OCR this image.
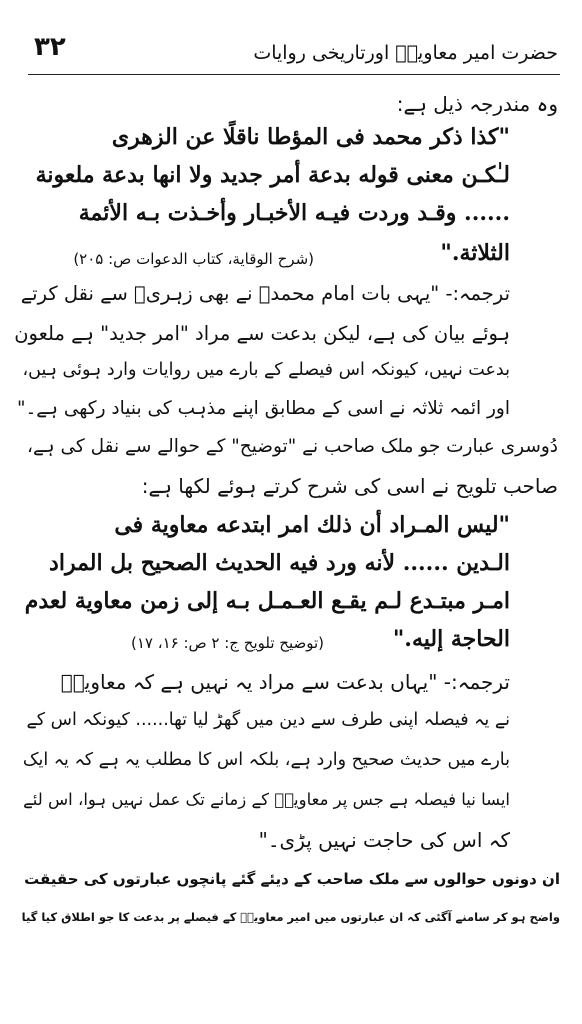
۳۲	حضرت امیر معاویہؓ اورتاریخی روایات
وہ مندرجہ ذیل ہے:
"كذا ذكر محمد فى المؤطا ناقلًا عن الزهرى
لـٰكـن معنى قوله بدعة أمر جديد ولا انها بدعة ملعونة
...... وقـد وردت فيـه الأخبـار وأخـذت بـه الأئمة
الثلاثة."
(شرح الوقاية، كتاب الدعوات ص: ۲۰۵)
ترجمہ:- "یہی بات امام محمدؒ نے بھی زہریؒ سے نقل کرتے
ہوئے بیان کی ہے، لیکن بدعت سے مراد "امر جدید" ہے ملعون
بدعت نہیں، کیونکہ اس فیصلے کے بارے میں روایات وارد ہوئی ہیں،
اور ائمہ ثلاثہ نے اسی کے مطابق اپنے مذہب کی بنیاد رکھی ہے۔"
دُوسری عبارت جو ملک صاحب نے "توضیح" کے حوالے سے نقل کی ہے،
صاحب تلویح نے اسی کی شرح کرتے ہوئے لکھا ہے:
"ليس المـراد أن ذلك امر ابتدعه معاوية فى
الـدين ...... لأنه ورد فيه الحديث الصحيح بل المراد
امـر مبتـدع لـم يقـع العـمـل بـه إلى زمن معاوية لعدم
الحاجة إليه."
(توضيح تلويح ج: ۲ ص: ۱۶، ۱۷)
ترجمہ:- "یہاں بدعت سے مراد یہ نہیں ہے کہ معاویہؓ
نے یہ فیصلہ اپنی طرف سے دین میں گھڑ لیا تھا...... کیونکہ اس کے
بارے میں حدیث صحیح وارد ہے، بلکہ اس کا مطلب یہ ہے کہ یہ ایک
ایسا نیا فیصلہ ہے جس پر معاویہؓ کے زمانے تک عمل نہیں ہوا، اس لئے
کہ اس کی حاجت نہیں پڑی۔"
ان دونوں حوالوں سے ملک صاحب کے دیئے گئے پانچوں عبارتوں کی حقیقت
واضح ہو کر سامنے آگئی کہ ان عبارتوں میں امیر معاویہؓ کے فیصلے پر بدعت کا جو اطلاق کیا گیا
